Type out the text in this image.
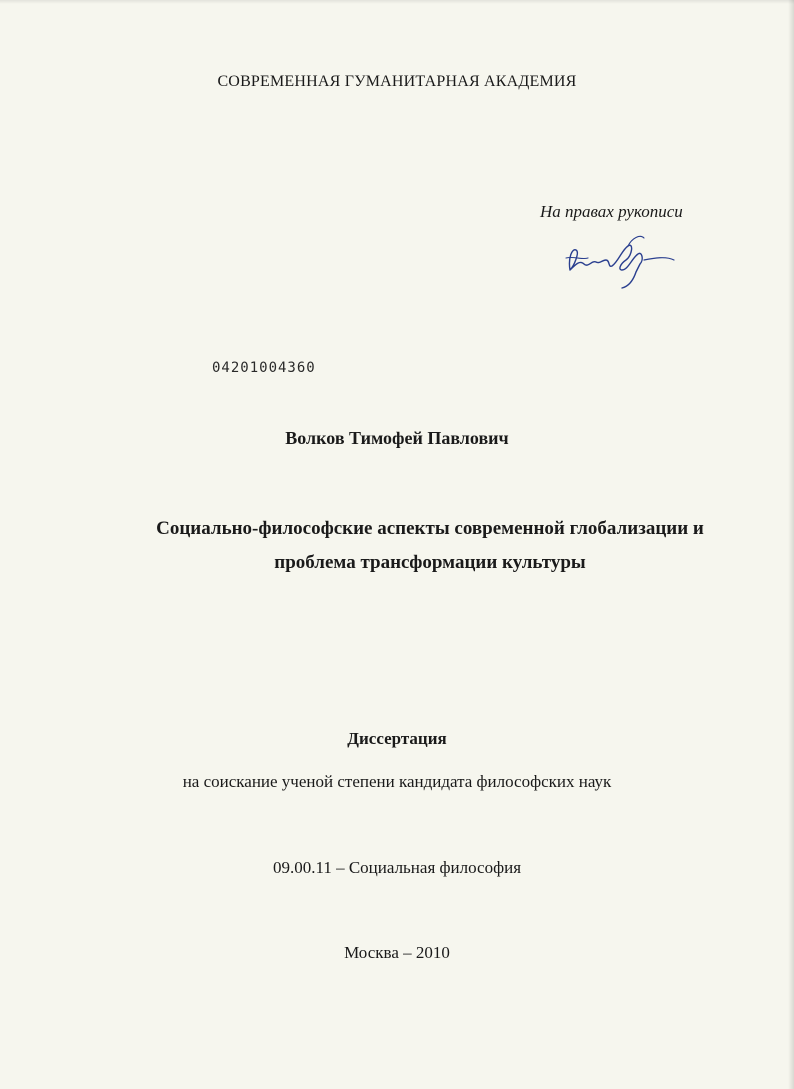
СОВРЕМЕННАЯ ГУМАНИТАРНАЯ АКАДЕМИЯ
На правах рукописи
04201004360
Волков Тимофей Павлович
Социально-философские аспекты современной глобализации и
проблема трансформации культуры
Диссертация
на соискание ученой степени кандидата философских наук
09.00.11 – Социальная философия
Москва – 2010
